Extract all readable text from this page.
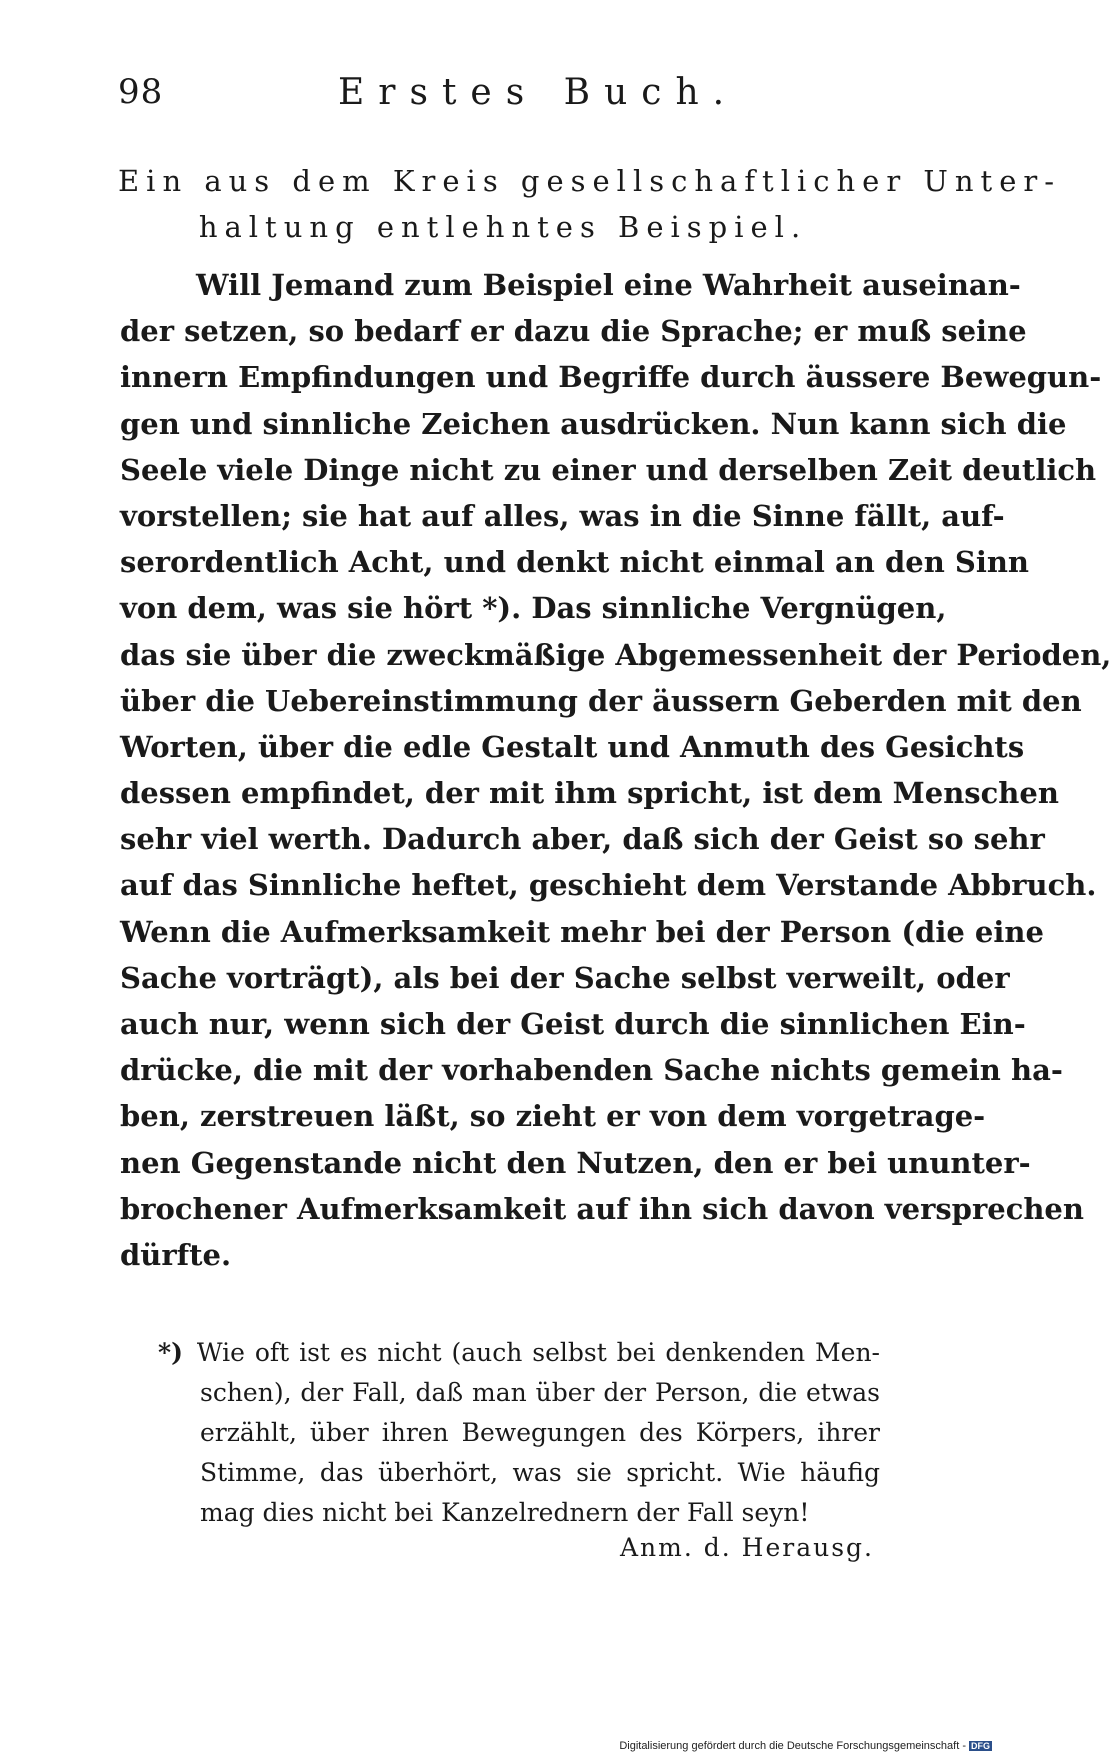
98	Erstes Buch.
Ein aus dem Kreis gesellschaftlicher Unter-
haltung entlehntes Beispiel.
Will Jemand zum Beispiel eine Wahrheit auseinan-
der setzen, so bedarf er dazu die Sprache; er muß seine
innern Empfindungen und Begriffe durch äussere Bewegun-
gen und sinnliche Zeichen ausdrücken. Nun kann sich die
Seele viele Dinge nicht zu einer und derselben Zeit deutlich
vorstellen; sie hat auf alles, was in die Sinne fällt, auf-
serordentlich Acht, und denkt nicht einmal an den Sinn
von dem, was sie hört *). Das sinnliche Vergnügen,
das sie über die zweckmäßige Abgemessenheit der Perioden,
über die Uebereinstimmung der äussern Geberden mit den
Worten, über die edle Gestalt und Anmuth des Gesichts
dessen empfindet, der mit ihm spricht, ist dem Menschen
sehr viel werth. Dadurch aber, daß sich der Geist so sehr
auf das Sinnliche heftet, geschieht dem Verstande Abbruch.
Wenn die Aufmerksamkeit mehr bei der Person (die eine
Sache vorträgt), als bei der Sache selbst verweilt, oder
auch nur, wenn sich der Geist durch die sinnlichen Ein-
drücke, die mit der vorhabenden Sache nichts gemein ha-
ben, zerstreuen läßt, so zieht er von dem vorgetrage-
nen Gegenstande nicht den Nutzen, den er bei ununter-
brochener Aufmerksamkeit auf ihn sich davon versprechen
dürfte.
*) Wie oft ist es nicht (auch selbst bei denkenden Men-
schen), der Fall, daß man über der Person, die etwas
erzählt, über ihren Bewegungen des Körpers, ihrer
Stimme, das überhört, was sie spricht. Wie häufig
mag dies nicht bei Kanzelrednern der Fall seyn!
Anm. d. Herausg.
Digitalisierung gefördert durch die Deutsche Forschungsgemeinschaft - DFG
